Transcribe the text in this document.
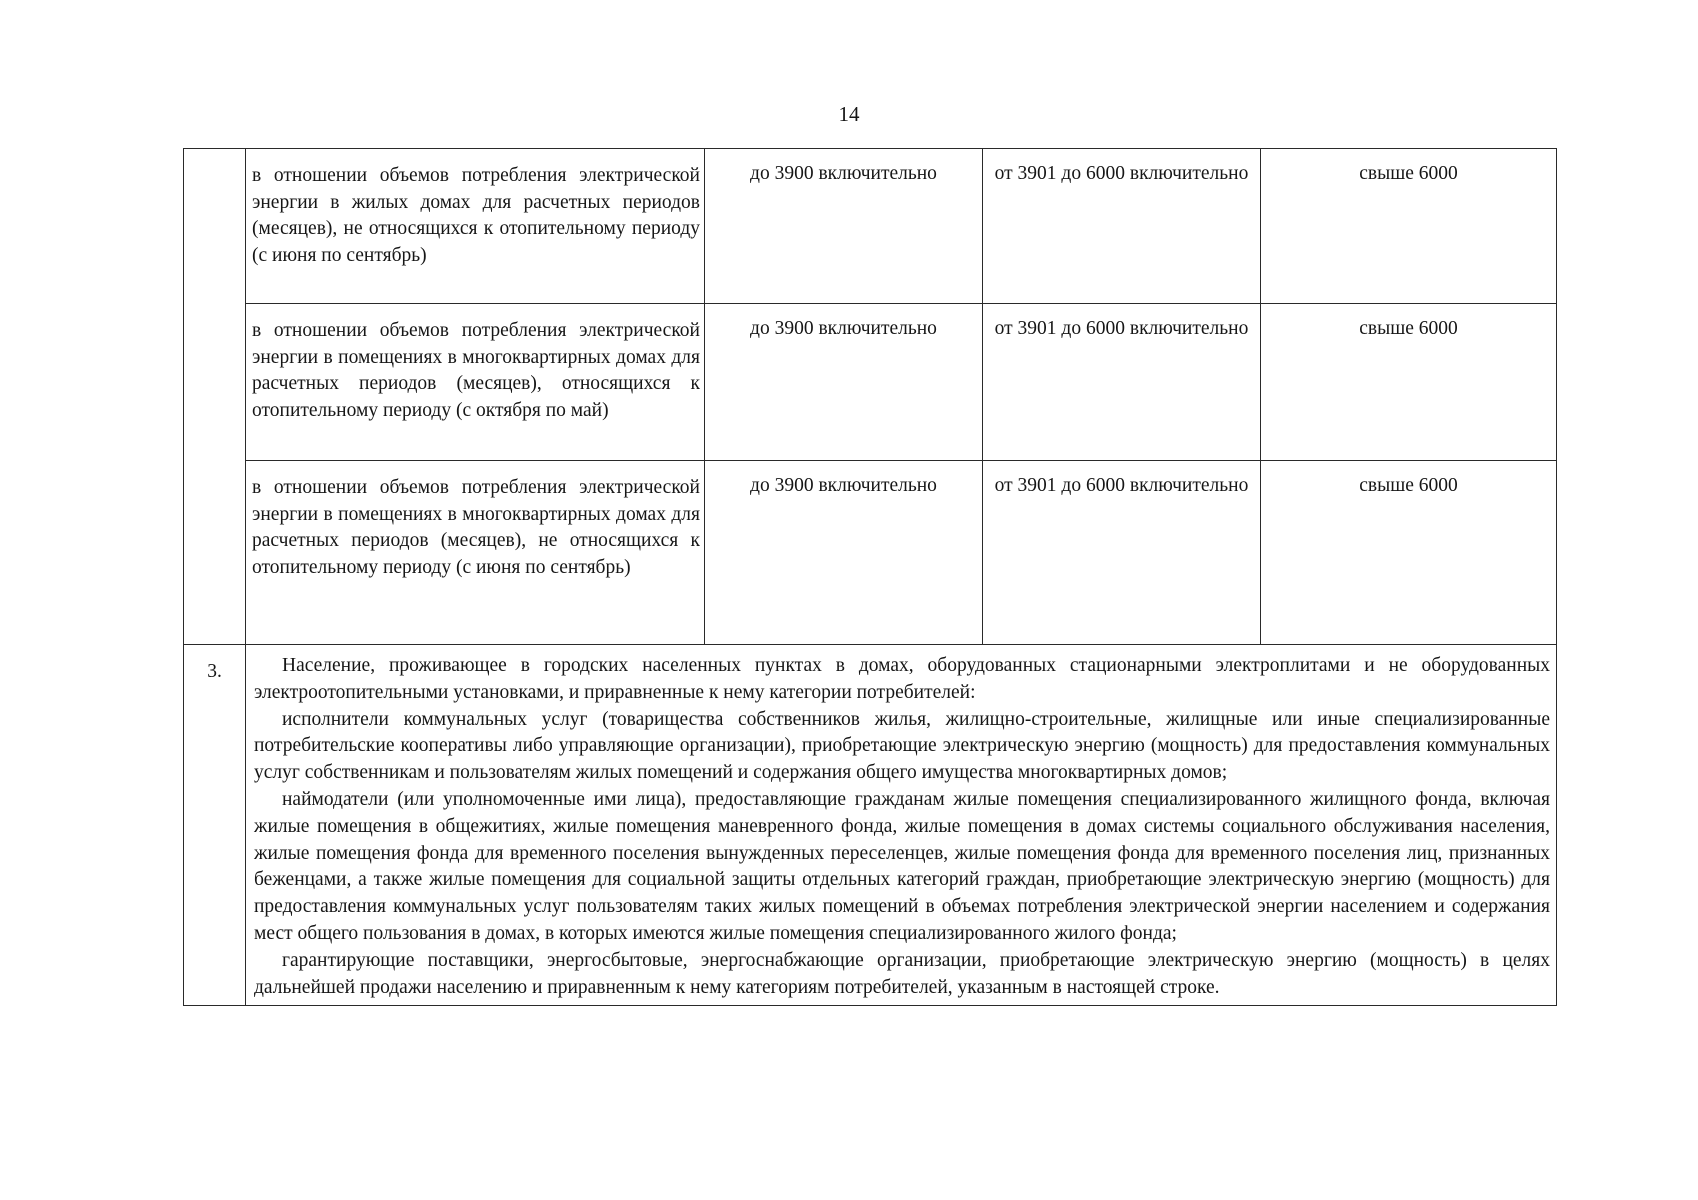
14
	в отношении объемов потребления электрической энергии в жилых домах для расчетных периодов (месяцев), не относящихся к отопительному периоду (с июня по сентябрь)	до 3900 включительно	от 3901 до 6000 включительно	свыше 6000
	в отношении объемов потребления электрической энергии в помещениях в многоквартирных домах для расчетных периодов (месяцев), относящихся к отопительному периоду (с октября по май)	до 3900 включительно	от 3901 до 6000 включительно	свыше 6000
	в отношении объемов потребления электрической энергии в помещениях в многоквартирных домах для расчетных периодов (месяцев), не относящихся к отопительному периоду (с июня по сентябрь)	до 3900 включительно	от 3901 до 6000 включительно	свыше 6000
3.	Население, проживающее в городских населенных пунктах в домах, оборудованных стационарными электроплитами и не оборудованных электроотопительными установками, и приравненные к нему категории потребителей:

исполнители коммунальных услуг (товарищества собственников жилья, жилищно-строительные, жилищные или иные специализированные потребительские кооперативы либо управляющие организации), приобретающие электрическую энергию (мощность) для предоставления коммунальных услуг собственникам и пользователям жилых помещений и содержания общего имущества многоквартирных домов;

наймодатели (или уполномоченные ими лица), предоставляющие гражданам жилые помещения специализированного жилищного фонда, включая жилые помещения в общежитиях, жилые помещения маневренного фонда, жилые помещения в домах системы социального обслуживания населения, жилые помещения фонда для временного поселения вынужденных переселенцев, жилые помещения фонда для временного поселения лиц, признанных беженцами, а также жилые помещения для социальной защиты отдельных категорий граждан, приобретающие электрическую энергию (мощность) для предоставления коммунальных услуг пользователям таких жилых помещений в объемах потребления электрической энергии населением и содержания мест общего пользования в домах, в которых имеются жилые помещения специализированного жилого фонда;

гарантирующие поставщики, энергосбытовые, энергоснабжающие организации, приобретающие электрическую энергию (мощность) в целях дальнейшей продажи населению и приравненным к нему категориям потребителей, указанным в настоящей строке.			
